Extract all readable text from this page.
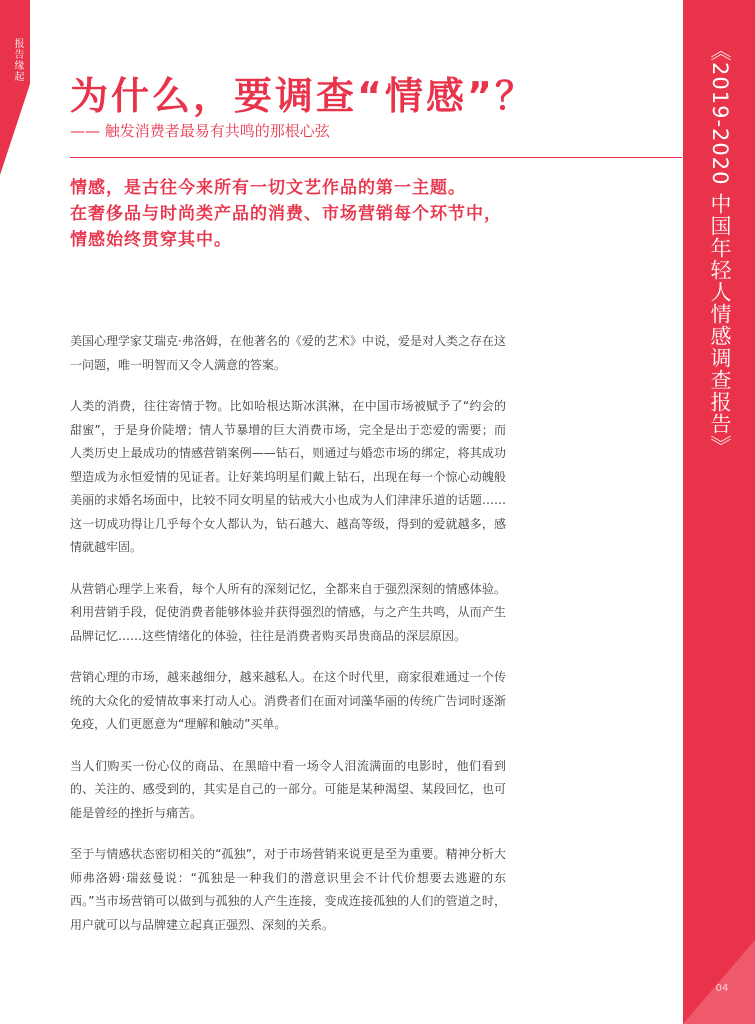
报告缘起	《2019-2020 中国年轻人情感调查报告》
04
为什么，要调查“情感”？
—— 触发消费者最易有共鸣的那根心弦

情感，是古往今来所有一切文艺作品的第一主题。

在奢侈品与时尚类产品的消费、市场营销每个环节中，

情感始终贯穿其中。

美国心理学家艾瑞克·弗洛姆，在他著名的《爱的艺术》中说，爱是对人类之存在这一问题，唯一明智而又令人满意的答案。

人类的消费，往往寄情于物。比如哈根达斯冰淇淋，在中国市场被赋予了“约会的甜蜜”，于是身价陡增；情人节暴增的巨大消费市场，完全是出于恋爱的需要；而人类历史上最成功的情感营销案例——钻石，则通过与婚恋市场的绑定，将其成功塑造成为永恒爱情的见证者。让好莱坞明星们戴上钻石，出现在每一个惊心动魄般美丽的求婚名场面中，比较不同女明星的钻戒大小也成为人们津津乐道的话题……这一切成功得让几乎每个女人都认为，钻石越大、越高等级，得到的爱就越多，感情就越牢固。

从营销心理学上来看，每个人所有的深刻记忆，全都来自于强烈深刻的情感体验。利用营销手段，促使消费者能够体验并获得强烈的情感，与之产生共鸣，从而产生品牌记忆……这些情绪化的体验，往往是消费者购买昂贵商品的深层原因。

营销心理的市场，越来越细分，越来越私人。在这个时代里，商家很难通过一个传统的大众化的爱情故事来打动人心。消费者们在面对词藻华丽的传统广告词时逐渐免疫，人们更愿意为“理解和触动”买单。

当人们购买一份心仪的商品、在黑暗中看一场令人泪流满面的电影时，他们看到的、关注的、感受到的，其实是自己的一部分。可能是某种渴望、某段回忆，也可能是曾经的挫折与痛苦。

至于与情感状态密切相关的“孤独”，对于市场营销来说更是至为重要。精神分析大师弗洛姆·瑞兹曼说：“孤独是一种我们的潜意识里会不计代价想要去逃避的东西。”当市场营销可以做到与孤独的人产生连接，变成连接孤独的人们的管道之时，用户就可以与品牌建立起真正强烈、深刻的关系。
